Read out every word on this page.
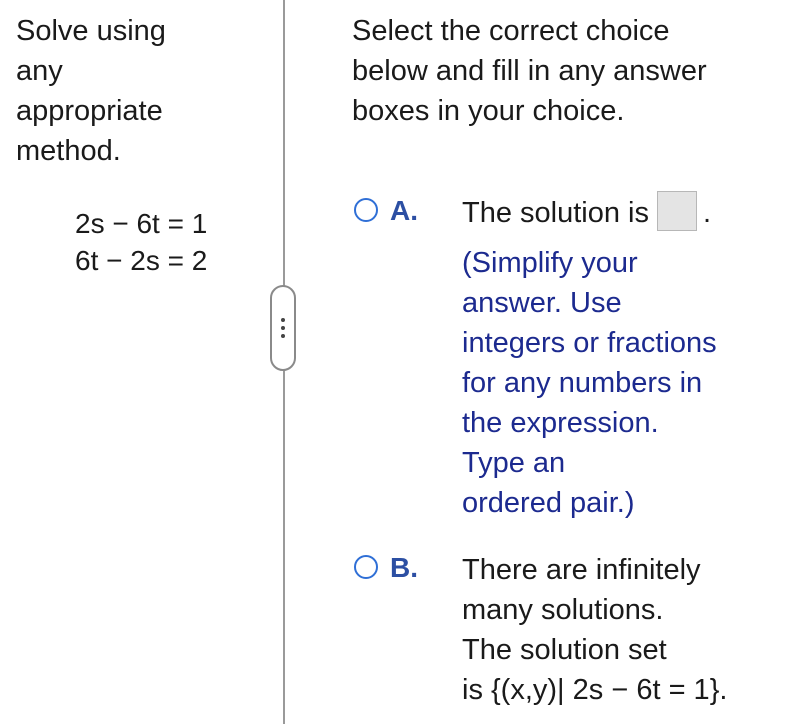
Solve using
any
appropriate
method.

2s − 6t = 1
6t − 2s = 2

Select the correct choice
below and fill in any answer
boxes in your choice.

A. The solution is .
(Simplify your
answer. Use
integers or fractions
for any numbers in
the expression.
Type an
ordered pair.)
B. There are infinitely
many solutions.
The solution set
is {(x,y)| 2s − 6t = 1}.
